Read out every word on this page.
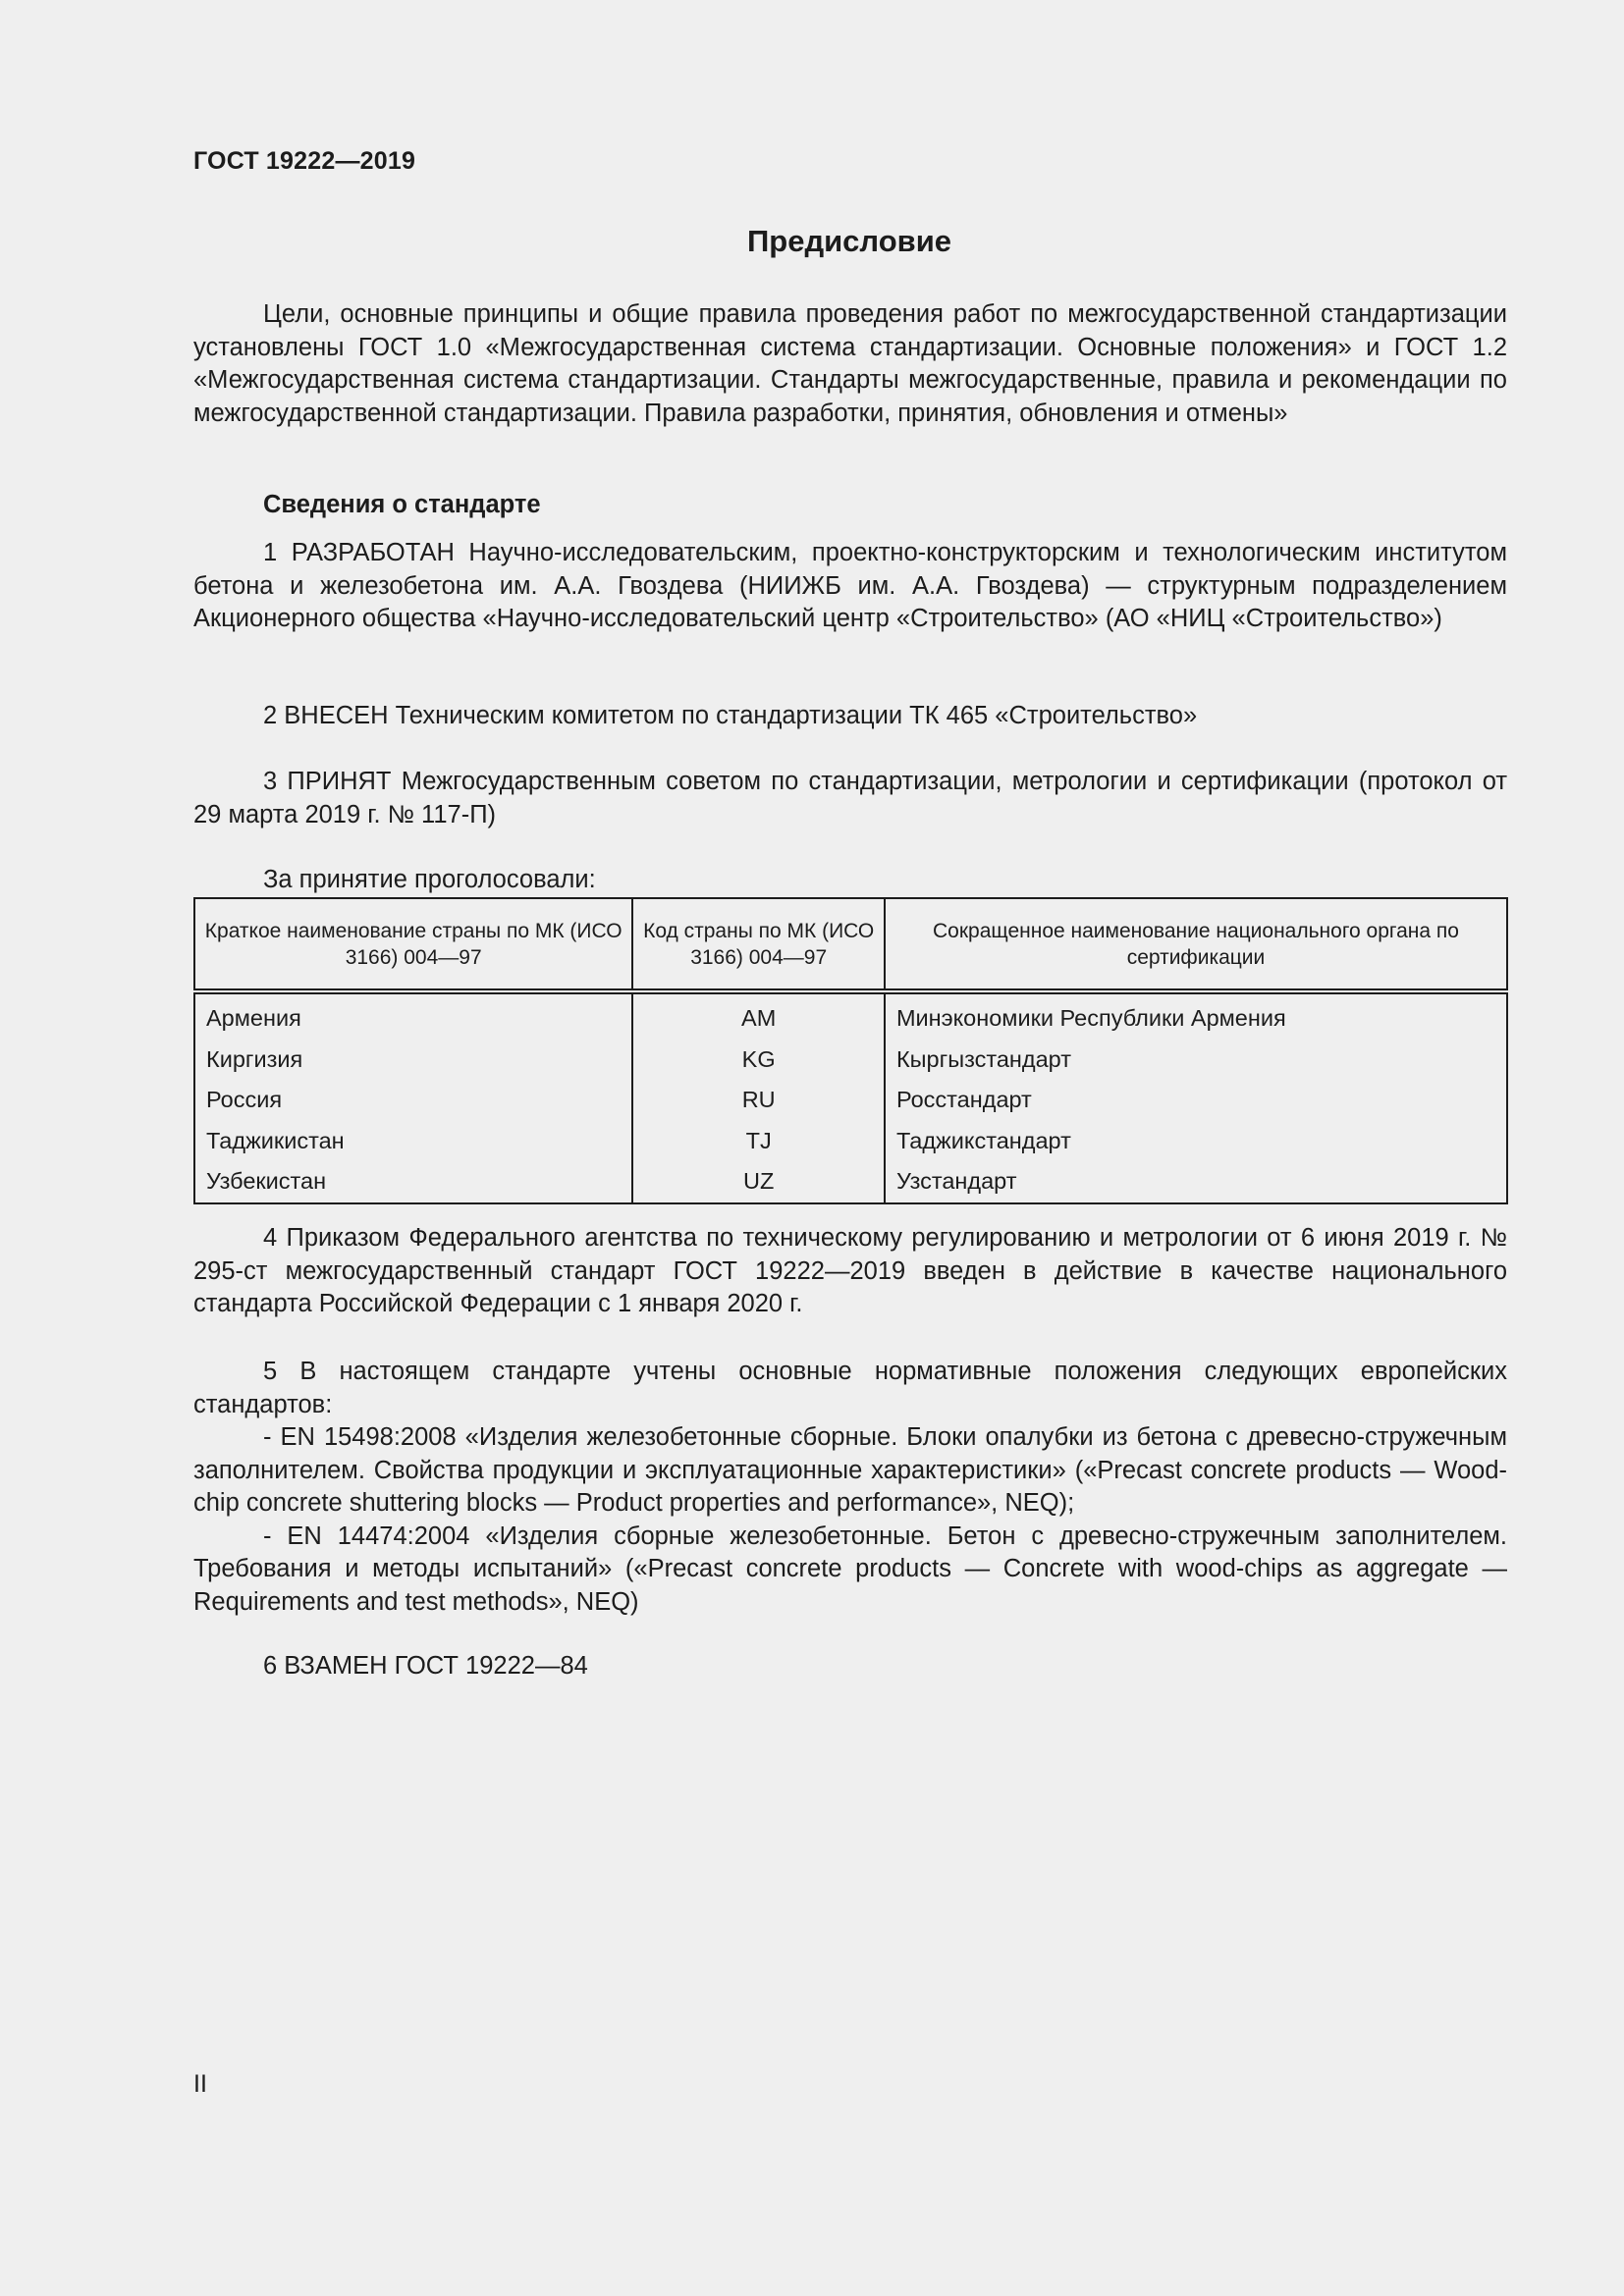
ГОСТ 19222—2019
Предисловие

Цели, основные принципы и общие правила проведения работ по межгосударственной стандартизации установлены ГОСТ 1.0 «Межгосударственная система стандартизации. Основные положения» и ГОСТ 1.2 «Межгосударственная система стандартизации. Стандарты межгосударственные, правила и рекомендации по межгосударственной стандартизации. Правила разработки, принятия, обновления и отмены»

Сведения о стандарте

1 РАЗРАБОТАН Научно-исследовательским, проектно-конструкторским и технологическим институтом бетона и железобетона им. А.А. Гвоздева (НИИЖБ им. А.А. Гвоздева) — структурным подразделением Акционерного общества «Научно-исследовательский центр «Строительство» (АО «НИЦ «Строительство»)

2 ВНЕСЕН Техническим комитетом по стандартизации ТК 465 «Строительство»

3 ПРИНЯТ Межгосударственным советом по стандартизации, метрологии и сертификации (протокол от 29 марта 2019 г. № 117-П)

За принятие проголосовали:
Краткое наименование страны по МК (ИСО 3166) 004—97	Код страны по МК (ИСО 3166) 004—97	Сокращенное наименование национального органа по сертификации
Армения	AM	Минэкономики Республики Армения
Киргизия	KG	Кыргызстандарт
Россия	RU	Росстандарт
Таджикистан	TJ	Таджикстандарт
Узбекистан	UZ	Узстандарт

4 Приказом Федерального агентства по техническому регулированию и метрологии от 6 июня 2019 г. № 295-ст межгосударственный стандарт ГОСТ 19222—2019 введен в действие в качестве национального стандарта Российской Федерации с 1 января 2020 г.

5 В настоящем стандарте учтены основные нормативные положения следующих европейских стандартов:

- EN 15498:2008 «Изделия железобетонные сборные. Блоки опалубки из бетона с древесно-стружечным заполнителем. Свойства продукции и эксплуатационные характеристики» («Precast concrete products — Wood-chip concrete shuttering blocks — Product properties and performance», NEQ);

- EN 14474:2004 «Изделия сборные железобетонные. Бетон с древесно-стружечным заполнителем. Требования и методы испытаний» («Precast concrete products — Concrete with wood-chips as aggregate — Requirements and test methods», NEQ)

6 ВЗАМЕН ГОСТ 19222—84

II
